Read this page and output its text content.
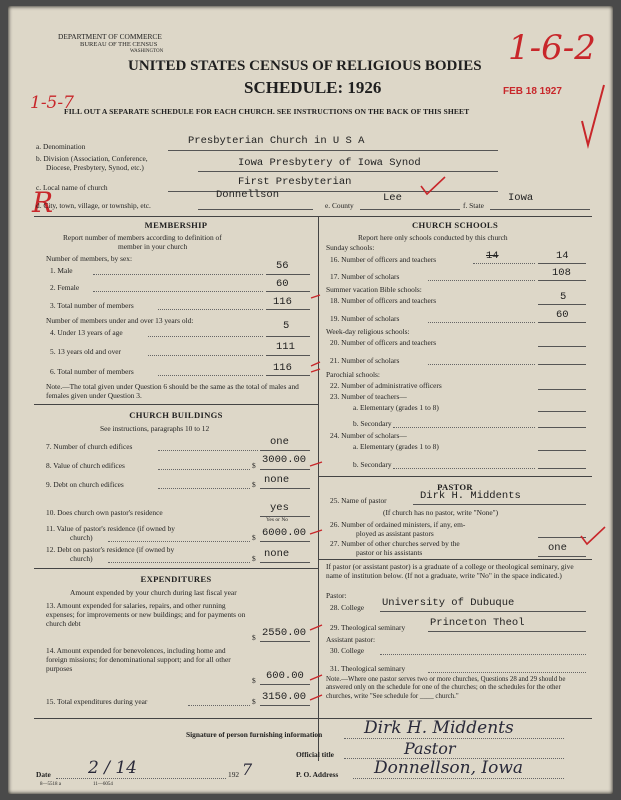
DEPARTMENT OF COMMERCE
BUREAU OF THE CENSUS
WASHINGTON
UNITED STATES CENSUS OF RELIGIOUS BODIES
SCHEDULE: 1926
FILL OUT A SEPARATE SCHEDULE FOR EACH CHURCH. SEE INSTRUCTIONS ON THE BACK OF THIS SHEET
FEB 18 1927
1-6-2
1-5-7
R
a. Denomination	Presbyterian Church in U S A
b. Division (Association, Conference,
Diocese, Presbytery, Synod, etc.)	Iowa Presbytery of Iowa Synod
c. Local name of church	First Presbyterian
d. City, town, village, or township, etc.
Donnellson
e. County
Lee
f. State
Iowa
MEMBERSHIP
Report number of members according to definition of
member in your church
Number of members, by sex:
1. Male	56
2. Female	60
3. Total number of members	116
Number of members under and over 13 years old:
4. Under 13 years of age
5
5. 13 years old and over	111
6. Total number of members	116
Note.—The total given under Question 6 should be the same as the total of males and females given under Question 3.
CHURCH BUILDINGS
See instructions, paragraphs 10 to 12
7. Number of church edifices	one
8. Value of church edifices	$ 3000.00
9. Debt on church edifices	$ none
10. Does church own pastor's residence	yes
Yes or No
11. Value of pastor's residence (if owned by
church)	$ 6000.00
12. Debt on pastor's residence (if owned by
church)	$ none
EXPENDITURES
Amount expended by your church during last fiscal year
13. Amount expended for salaries, repairs, and other running expenses; for improvements or new buildings; and for payments on church debt
$ 2550.00
14. Amount expended for benevolences, including home and foreign missions; for denominational support; and for all other purposes
$ 600.00
15. Total expenditures during year	$ 3150.00
CHURCH SCHOOLS
Report here only schools conducted by this church
Sunday schools:
16. Number of officers and teachers	14	14
17. Number of scholars	108
Summer vacation Bible schools:
18. Number of officers and teachers	5
19. Number of scholars	60
Week-day religious schools:
20. Number of officers and teachers
21. Number of scholars
Parochial schools:
22. Number of administrative officers
23. Number of teachers—
a. Elementary (grades 1 to 8)
b. Secondary
24. Number of scholars—
a. Elementary (grades 1 to 8)
b. Secondary
PASTOR
25. Name of pastor	Dirk H. Middents
(If church has no pastor, write "None")
26. Number of ordained ministers, if any, em-
ployed as assistant pastors
27. Number of other churches served by the
pastor or his assistants	one
If pastor (or assistant pastor) is a graduate of a college or theological seminary, give name of institution below. (If not a graduate, write "No" in the space indicated.)
Pastor:
28. College University of Dubuque
29. Theological seminary Princeton Theol
Assistant pastor:
30. College
31. Theological seminary
Note.—Where one pastor serves two or more churches, Questions 28 and 29 should be answered only on the schedule for one of the churches; on the schedules for the other churches, write "See schedule for ____ church."
Signature of person furnishing information Dirk H. Middents
Official title	Pastor
Date 2 / 14	192 7	P. O. Address Donnellson, Iowa
8—5518 a	11—6054
